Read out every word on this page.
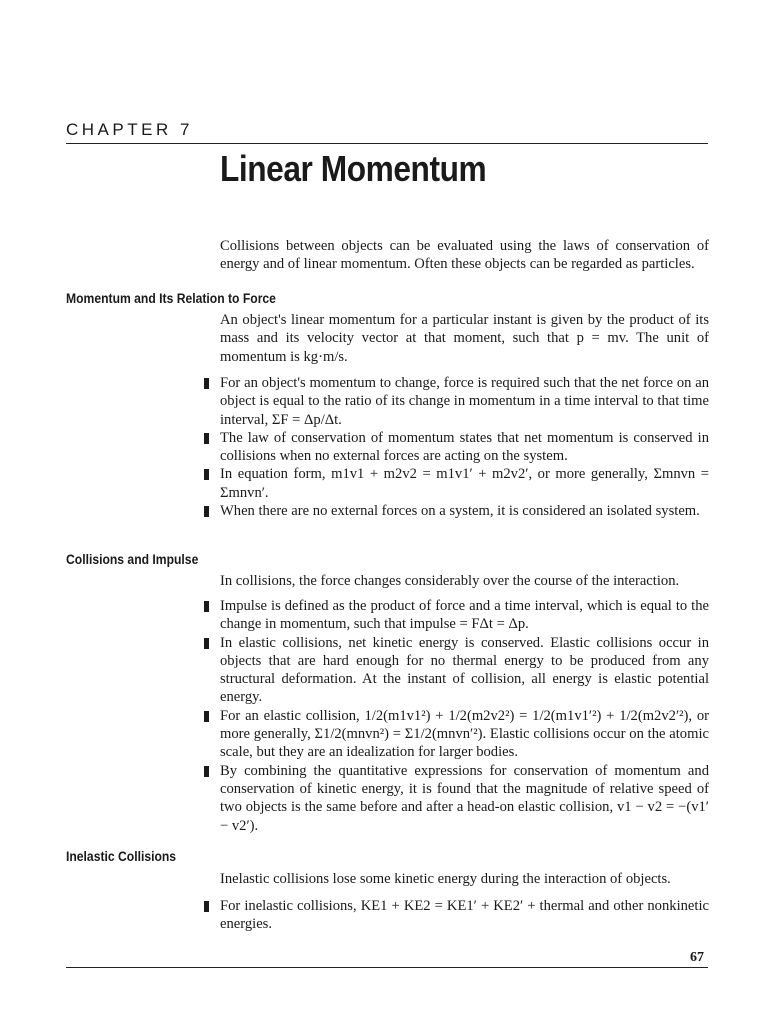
CHAPTER 7
Linear Momentum

Collisions between objects can be evaluated using the laws of conservation of energy and of linear momentum. Often these objects can be regarded as particles.

Momentum and Its Relation to Force

An object's linear momentum for a particular instant is given by the product of its mass and its velocity vector at that moment, such that p = mv. The unit of momentum is kg·m/s.

For an object's momentum to change, force is required such that the net force on an object is equal to the ratio of its change in momentum in a time interval to that time interval, ΣF = Δp/Δt.
The law of conservation of momentum states that net momentum is conserved in collisions when no external forces are acting on the system.
In equation form, m1v1 + m2v2 = m1v1′ + m2v2′, or more generally, Σmnvn = Σmnvn′.
When there are no external forces on a system, it is considered an isolated system.
Collisions and Impulse

In collisions, the force changes considerably over the course of the interaction.

Impulse is defined as the product of force and a time interval, which is equal to the change in momentum, such that impulse = FΔt = Δp.
In elastic collisions, net kinetic energy is conserved. Elastic collisions occur in objects that are hard enough for no thermal energy to be produced from any structural deformation. At the instant of collision, all energy is elastic potential energy.
For an elastic collision, 1/2(m1v1²) + 1/2(m2v2²) = 1/2(m1v1′²) + 1/2(m2v2′²), or more generally, Σ1/2(mnvn²) = Σ1/2(mnvn′²). Elastic collisions occur on the atomic scale, but they are an idealization for larger bodies.
By combining the quantitative expressions for conservation of momentum and conservation of kinetic energy, it is found that the magnitude of relative speed of two objects is the same before and after a head-on elastic collision, v1 − v2 = −(v1′ − v2′).
Inelastic Collisions

Inelastic collisions lose some kinetic energy during the interaction of objects.

For inelastic collisions, KE1 + KE2 = KE1′ + KE2′ + thermal and other nonkinetic energies.
67
